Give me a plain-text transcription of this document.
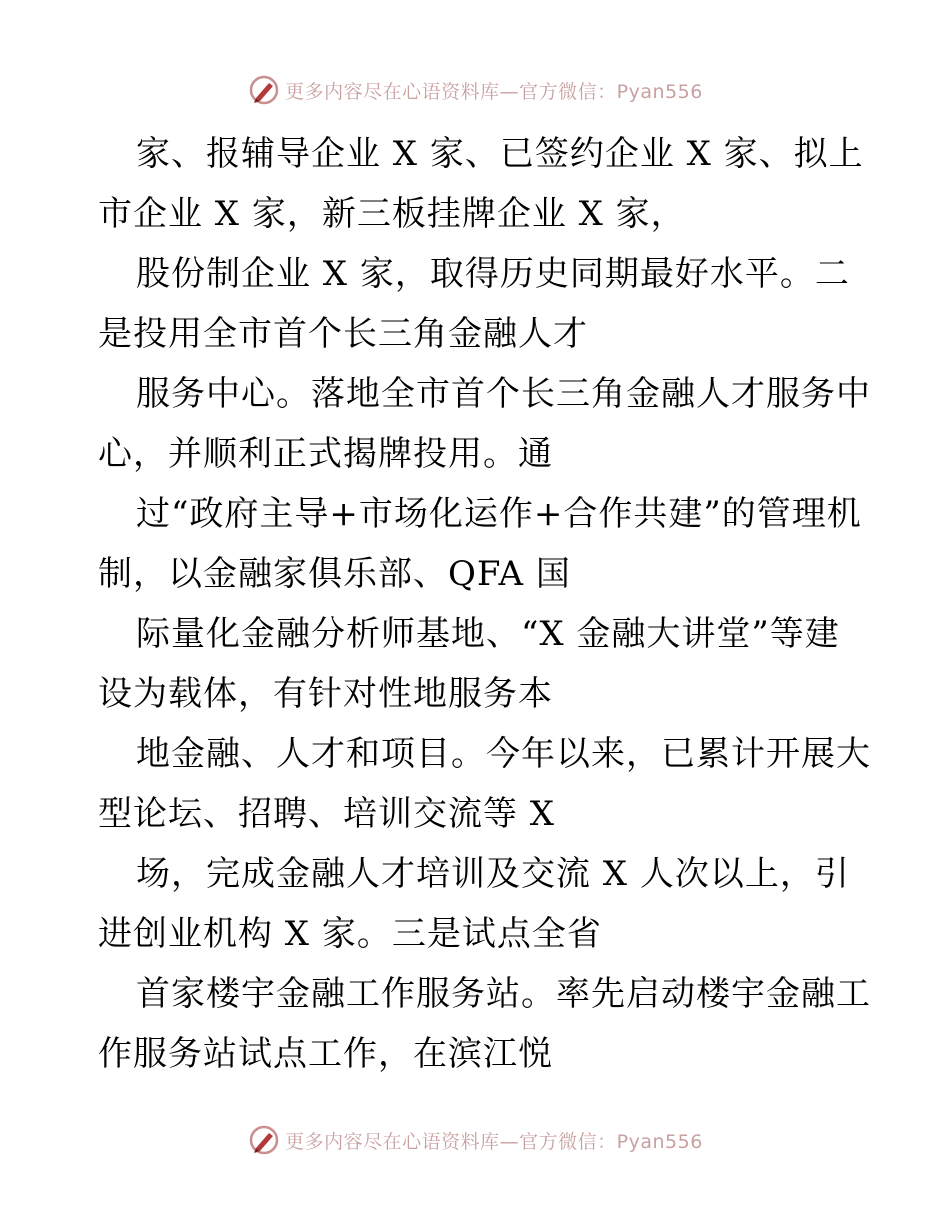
更多内容尽在心语资料库—官方微信：Pyan556
家、报辅导企业 X 家、已签约企业 X 家、拟上
市企业 X 家，新三板挂牌企业 X 家，
股份制企业 X 家，取得历史同期最好水平。二
是投用全市首个长三角金融人才
服务中心。落地全市首个长三角金融人才服务中
心，并顺利正式揭牌投用。通
过“政府主导+市场化运作+合作共建”的管理机
制，以金融家俱乐部、QFA 国
际量化金融分析师基地、“X 金融大讲堂”等建
设为载体，有针对性地服务本
地金融、人才和项目。今年以来，已累计开展大
型论坛、招聘、培训交流等 X
场，完成金融人才培训及交流 X 人次以上，引
进创业机构 X 家。三是试点全省
首家楼宇金融工作服务站。率先启动楼宇金融工
作服务站试点工作，在滨江悦
更多内容尽在心语资料库—官方微信：Pyan556
